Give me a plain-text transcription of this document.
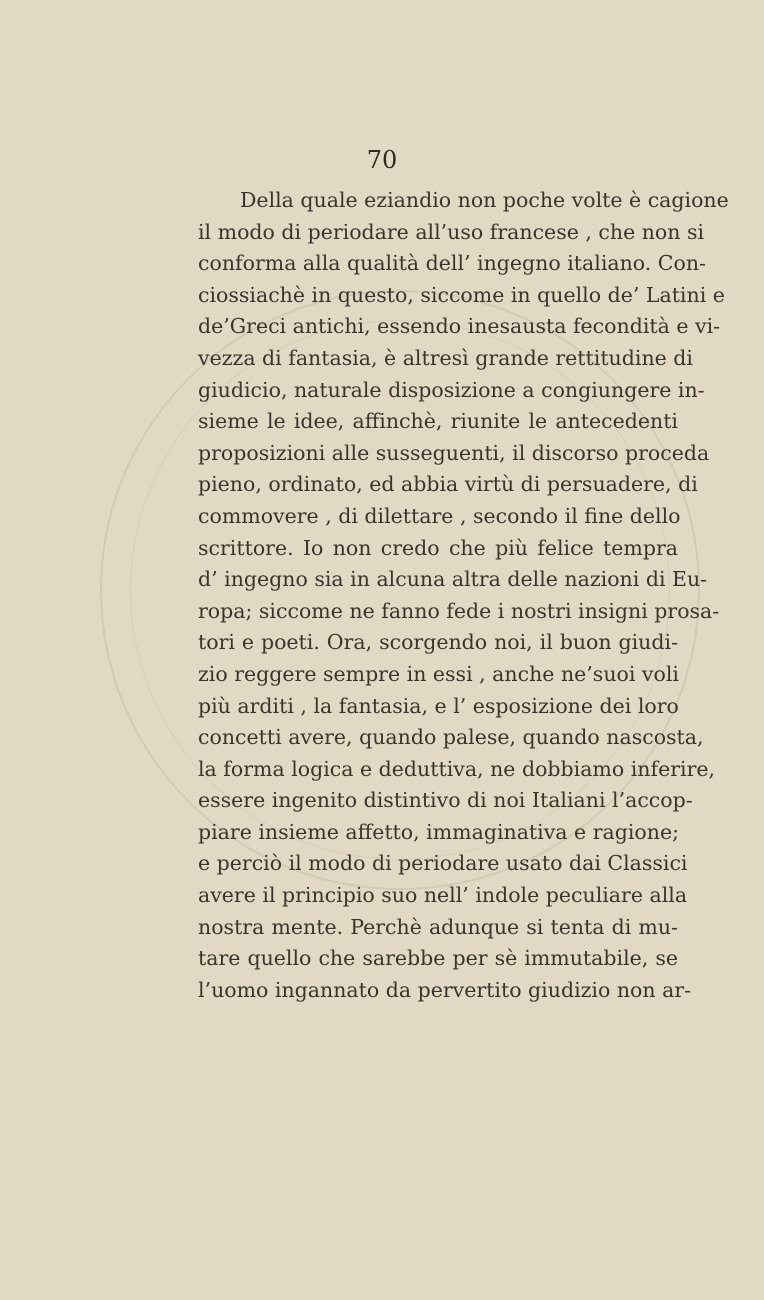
70
Della quale eziandio non poche volte è cagione
il modo di periodare all’uso francese , che non si
conforma alla qualità dell’ ingegno italiano. Con-
ciossiachè in questo, siccome in quello de’ Latini e
de’Greci antichi, essendo inesausta fecondità e vi-
vezza di fantasia, è altresì grande rettitudine di
giudicio, naturale disposizione a congiungere in-
sieme le idee, affinchè, riunite le antecedenti
proposizioni alle susseguenti, il discorso proceda
pieno, ordinato, ed abbia virtù di persuadere, di
commovere , di dilettare , secondo il fine dello
scrittore. Io non credo che più felice tempra
d’ ingegno sia in alcuna altra delle nazioni di Eu-
ropa; siccome ne fanno fede i nostri insigni prosa-
tori e poeti. Ora, scorgendo noi, il buon giudi-
zio reggere sempre in essi , anche ne’suoi voli
più arditi , la fantasia, e l’ esposizione dei loro
concetti avere, quando palese, quando nascosta,
la forma logica e deduttiva, ne dobbiamo inferire,
essere ingenito distintivo di noi Italiani l’accop-
piare insieme affetto, immaginativa e ragione;
e perciò il modo di periodare usato dai Classici
avere il principio suo nell’ indole peculiare alla
nostra mente. Perchè adunque si tenta di mu-
tare quello che sarebbe per sè immutabile, se
l’uomo ingannato da pervertito giudizio non ar-
